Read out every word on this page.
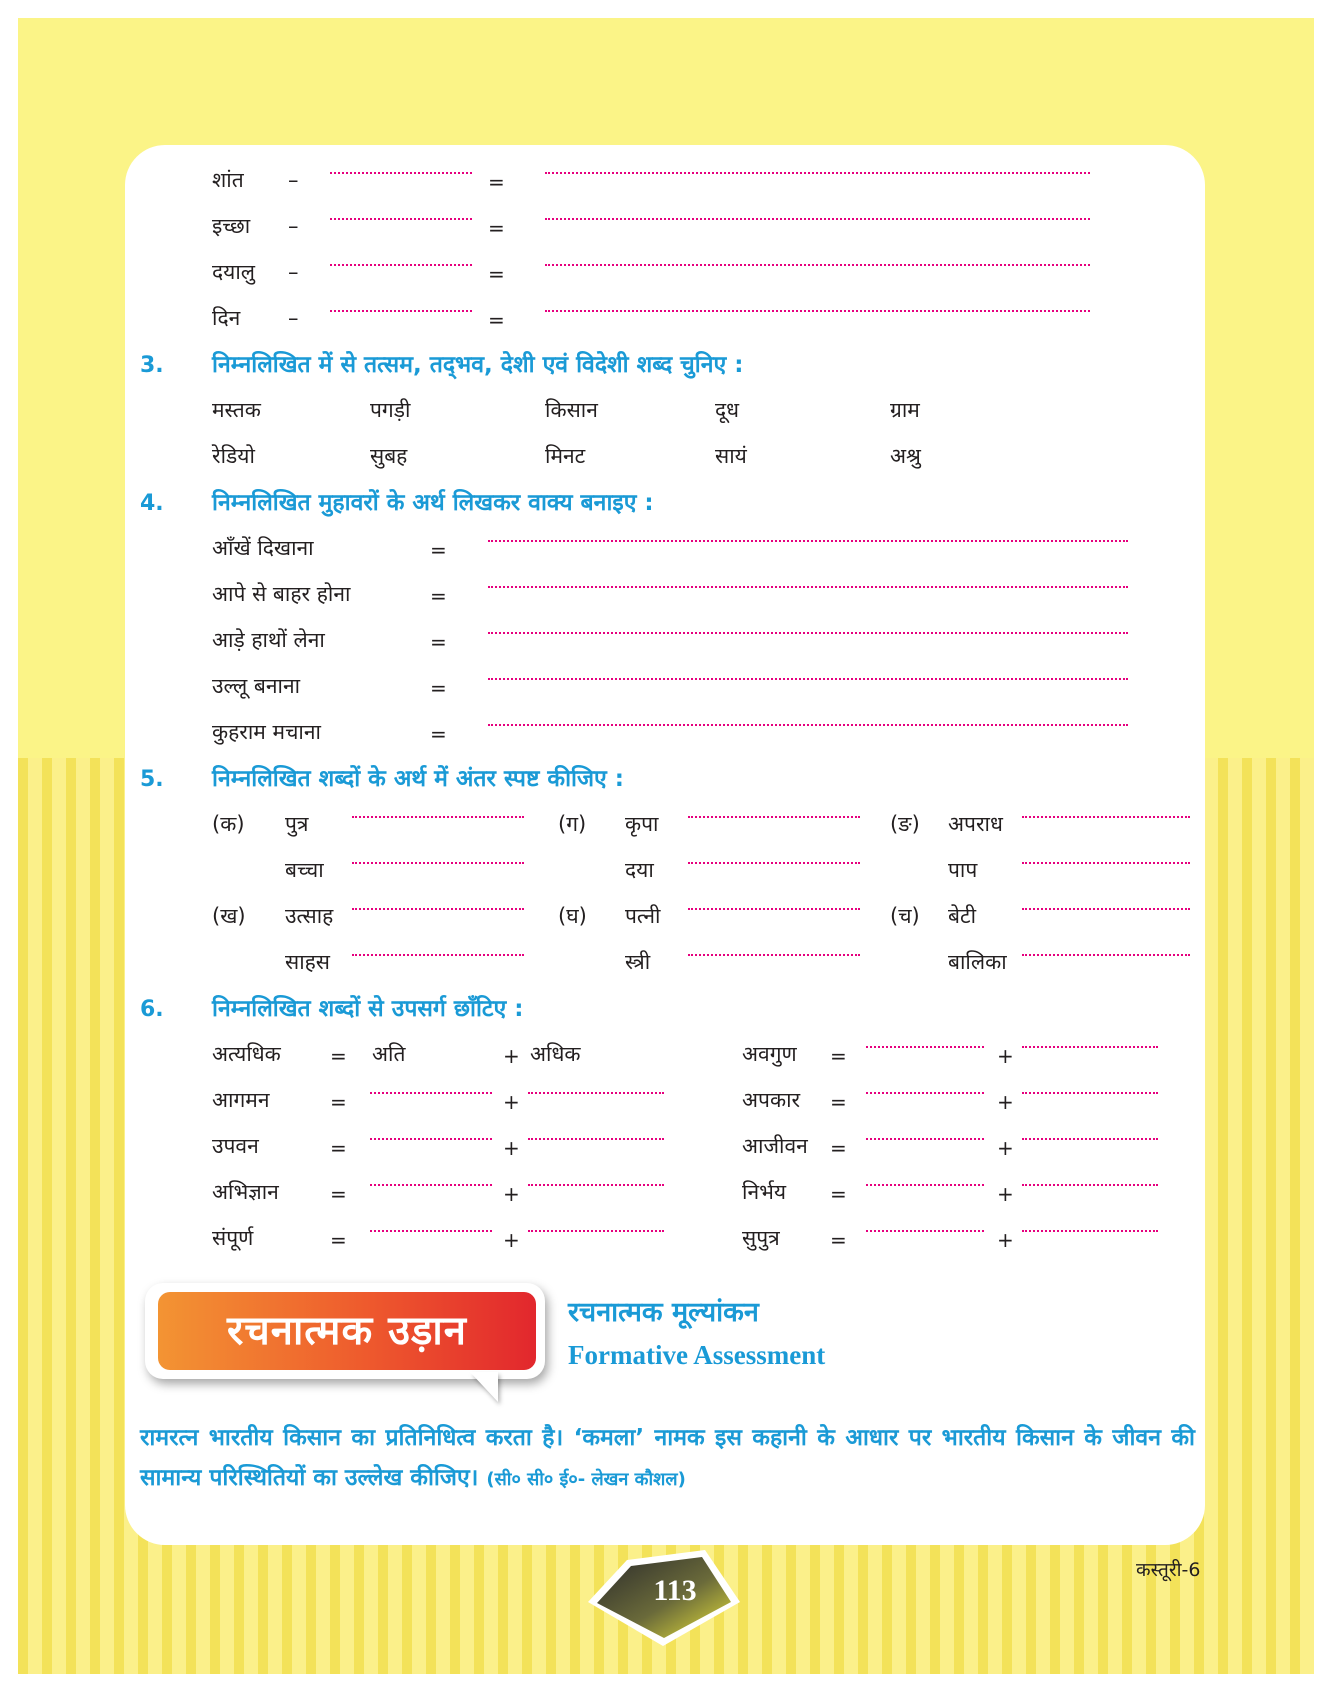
शांत –	=
इच्छा –	=
दयालु –	=
दिन –	=
3. निम्नलिखित में से तत्सम, तद्‌भव, देशी एवं विदेशी शब्द चुनिए :
मस्तक	पगड़ी	किसान	दूध	ग्राम
रेडियो	सुबह	मिनट	सायं	अश्रु
4. निम्नलिखित मुहावरों के अर्थ लिखकर वाक्य बनाइए :
आँखें दिखाना	=
आपे से बाहर होना	=
आड़े हाथों लेना	=
उल्लू बनाना	=
कुहराम मचाना	=
5. निम्नलिखित शब्दों के अर्थ में अंतर स्पष्ट कीजिए :
(क) पुत्र
बच्चा
(ख) उत्साह
साहस
(ग) कृपा
दया
(घ) पत्नी
स्त्री
(ङ) अपराध
पाप
(च) बेटी
बालिका
6. निम्नलिखित शब्दों से उपसर्ग छाँटिए :
अत्यधिक = अति	+ अधिक
आगमन	=	+
उपवन	=	+
अभिज्ञान	=	+
संपूर्ण	=	+
अवगुण =	+
अपकार =	+
आजीवन =	+
निर्भय =	+
सुपुत्र	=	+
रचनात्मक उड़ान	रचनात्मक मूल्यांकन
Formative Assessment
रामरत्न भारतीय किसान का प्रतिनिधित्व करता है। ‘कमला’ नामक इस कहानी के आधार पर भारतीय किसान के जीवन की सामान्य परिस्थितियों का उल्लेख कीजिए। (सी० सी० ई०- लेखन कौशल)
कस्तूरी-6
113
